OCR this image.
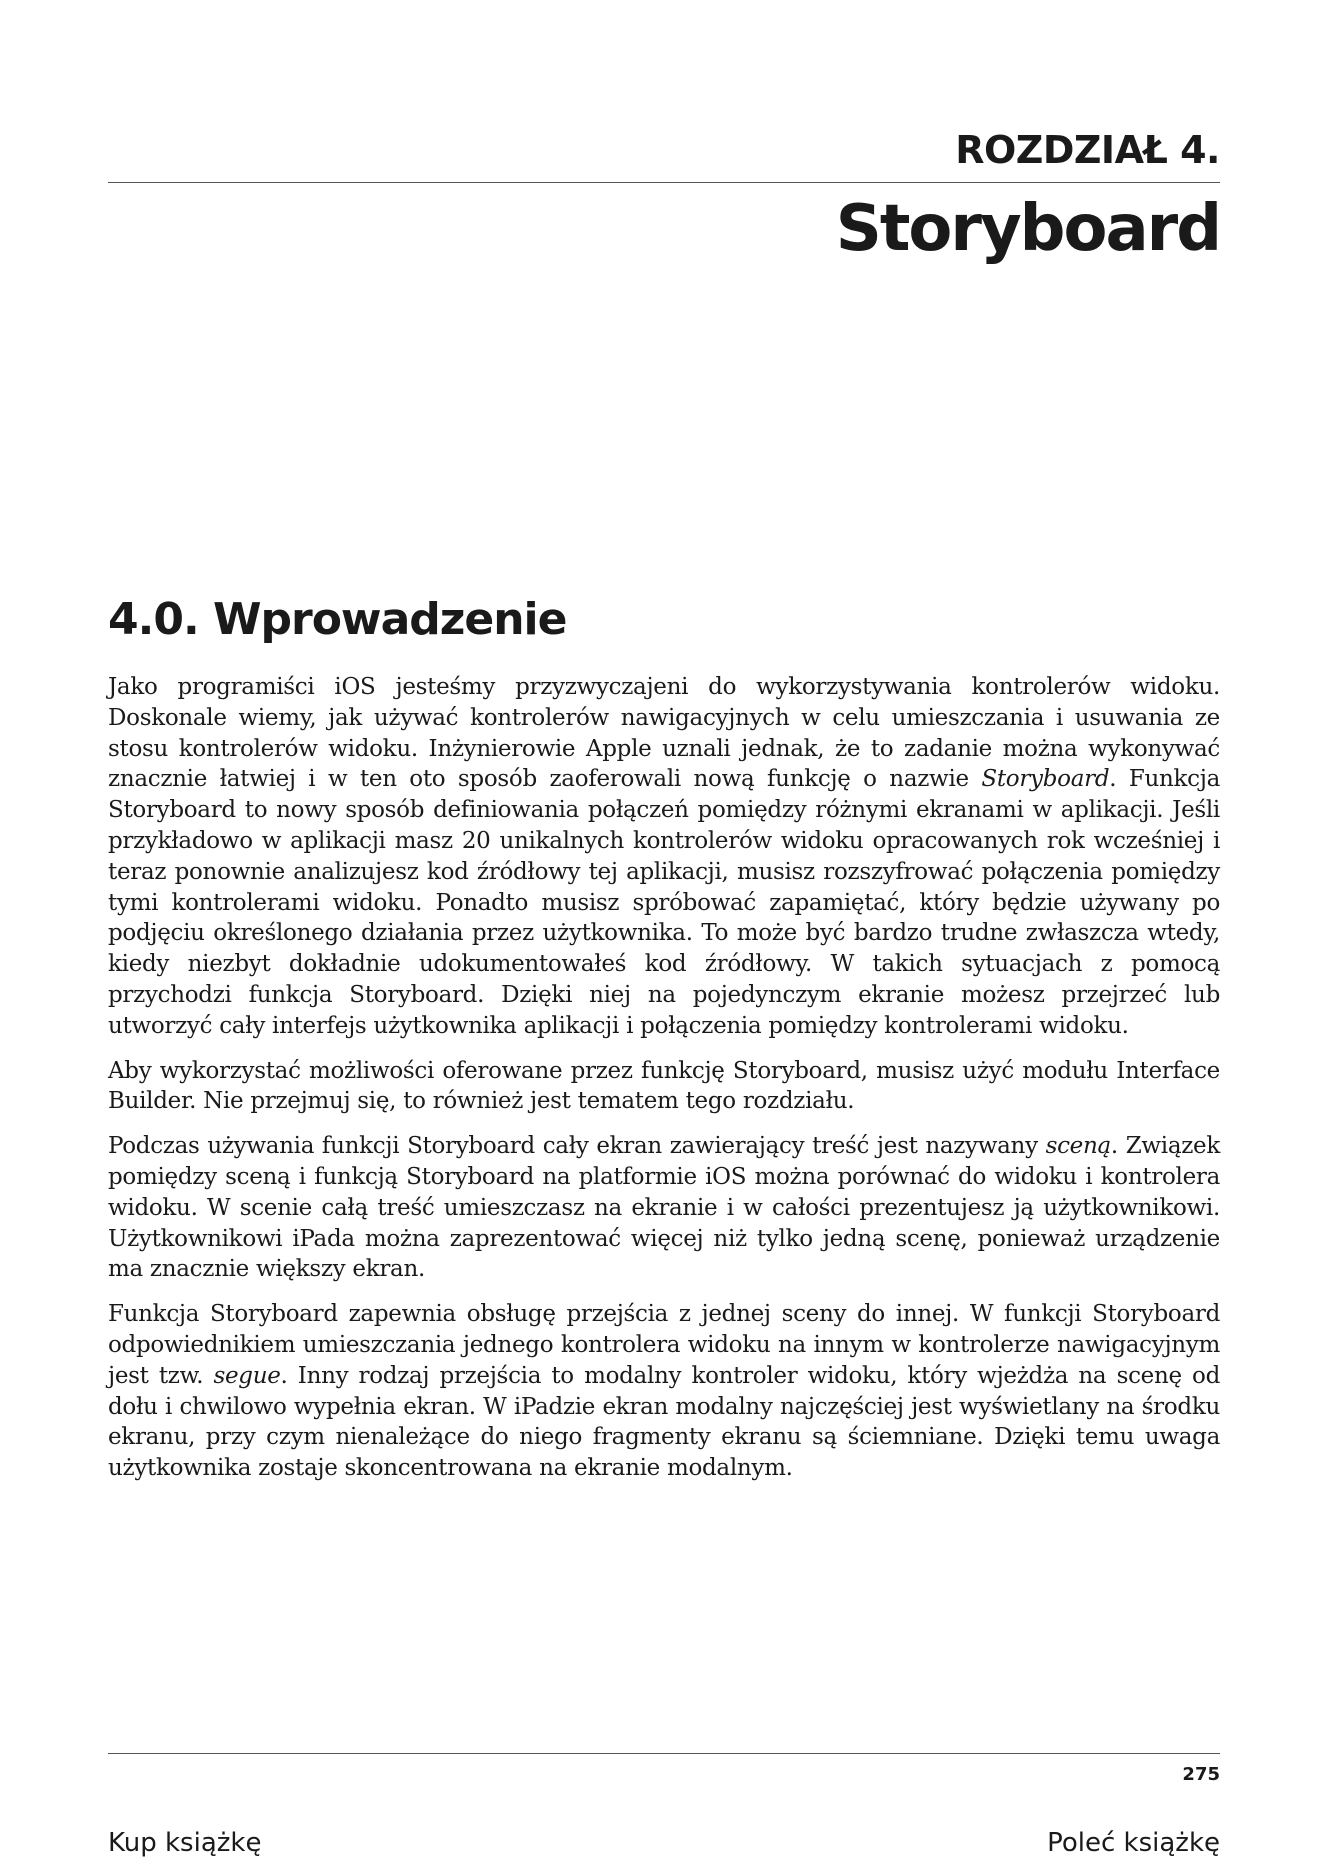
ROZDZIAŁ 4.
Storyboard
4.0. Wprowadzenie

Jako programiści iOS jesteśmy przyzwyczajeni do wykorzystywania kontrolerów widoku. Doskonale wiemy, jak używać kontrolerów nawigacyjnych w celu umieszczania i usuwania ze stosu kontrolerów widoku. Inżynierowie Apple uznali jednak, że to zadanie można wykonywać znacznie łatwiej i w ten oto sposób zaoferowali nową funkcję o nazwie Storyboard. Funkcja Storyboard to nowy sposób definiowania połączeń pomiędzy różnymi ekranami w aplikacji. Jeśli przykładowo w aplikacji masz 20 unikalnych kontrolerów widoku opracowanych rok wcześniej i teraz ponownie analizujesz kod źródłowy tej aplikacji, musisz rozszyfrować połączenia pomiędzy tymi kontrolerami widoku. Ponadto musisz spróbować zapamiętać, który będzie używany po podjęciu określonego działania przez użytkownika. To może być bardzo trudne zwłaszcza wtedy, kiedy niezbyt dokładnie udokumentowałeś kod źródłowy. W takich sytuacjach z pomocą przychodzi funkcja Storyboard. Dzięki niej na pojedynczym ekranie możesz przejrzeć lub utworzyć cały interfejs użytkownika aplikacji i połączenia pomiędzy kontrolerami widoku.

Aby wykorzystać możliwości oferowane przez funkcję Storyboard, musisz użyć modułu Interface Builder. Nie przejmuj się, to również jest tematem tego rozdziału.

Podczas używania funkcji Storyboard cały ekran zawierający treść jest nazywany sceną. Związek pomiędzy sceną i funkcją Storyboard na platformie iOS można porównać do widoku i kontrolera widoku. W scenie całą treść umieszczasz na ekranie i w całości prezentujesz ją użytkownikowi. Użytkownikowi iPada można zaprezentować więcej niż tylko jedną scenę, ponieważ urządzenie ma znacznie większy ekran.

Funkcja Storyboard zapewnia obsługę przejścia z jednej sceny do innej. W funkcji Storyboard odpowiednikiem umieszczania jednego kontrolera widoku na innym w kontrolerze nawigacyjnym jest tzw. segue. Inny rodzaj przejścia to modalny kontroler widoku, który wjeżdża na scenę od dołu i chwilowo wypełnia ekran. W iPadzie ekran modalny najczęściej jest wyświetlany na środku ekranu, przy czym nienależące do niego fragmenty ekranu są ściemniane. Dzięki temu uwaga użytkownika zostaje skoncentrowana na ekranie modalnym.

275
Kup książkę	Poleć książkę
